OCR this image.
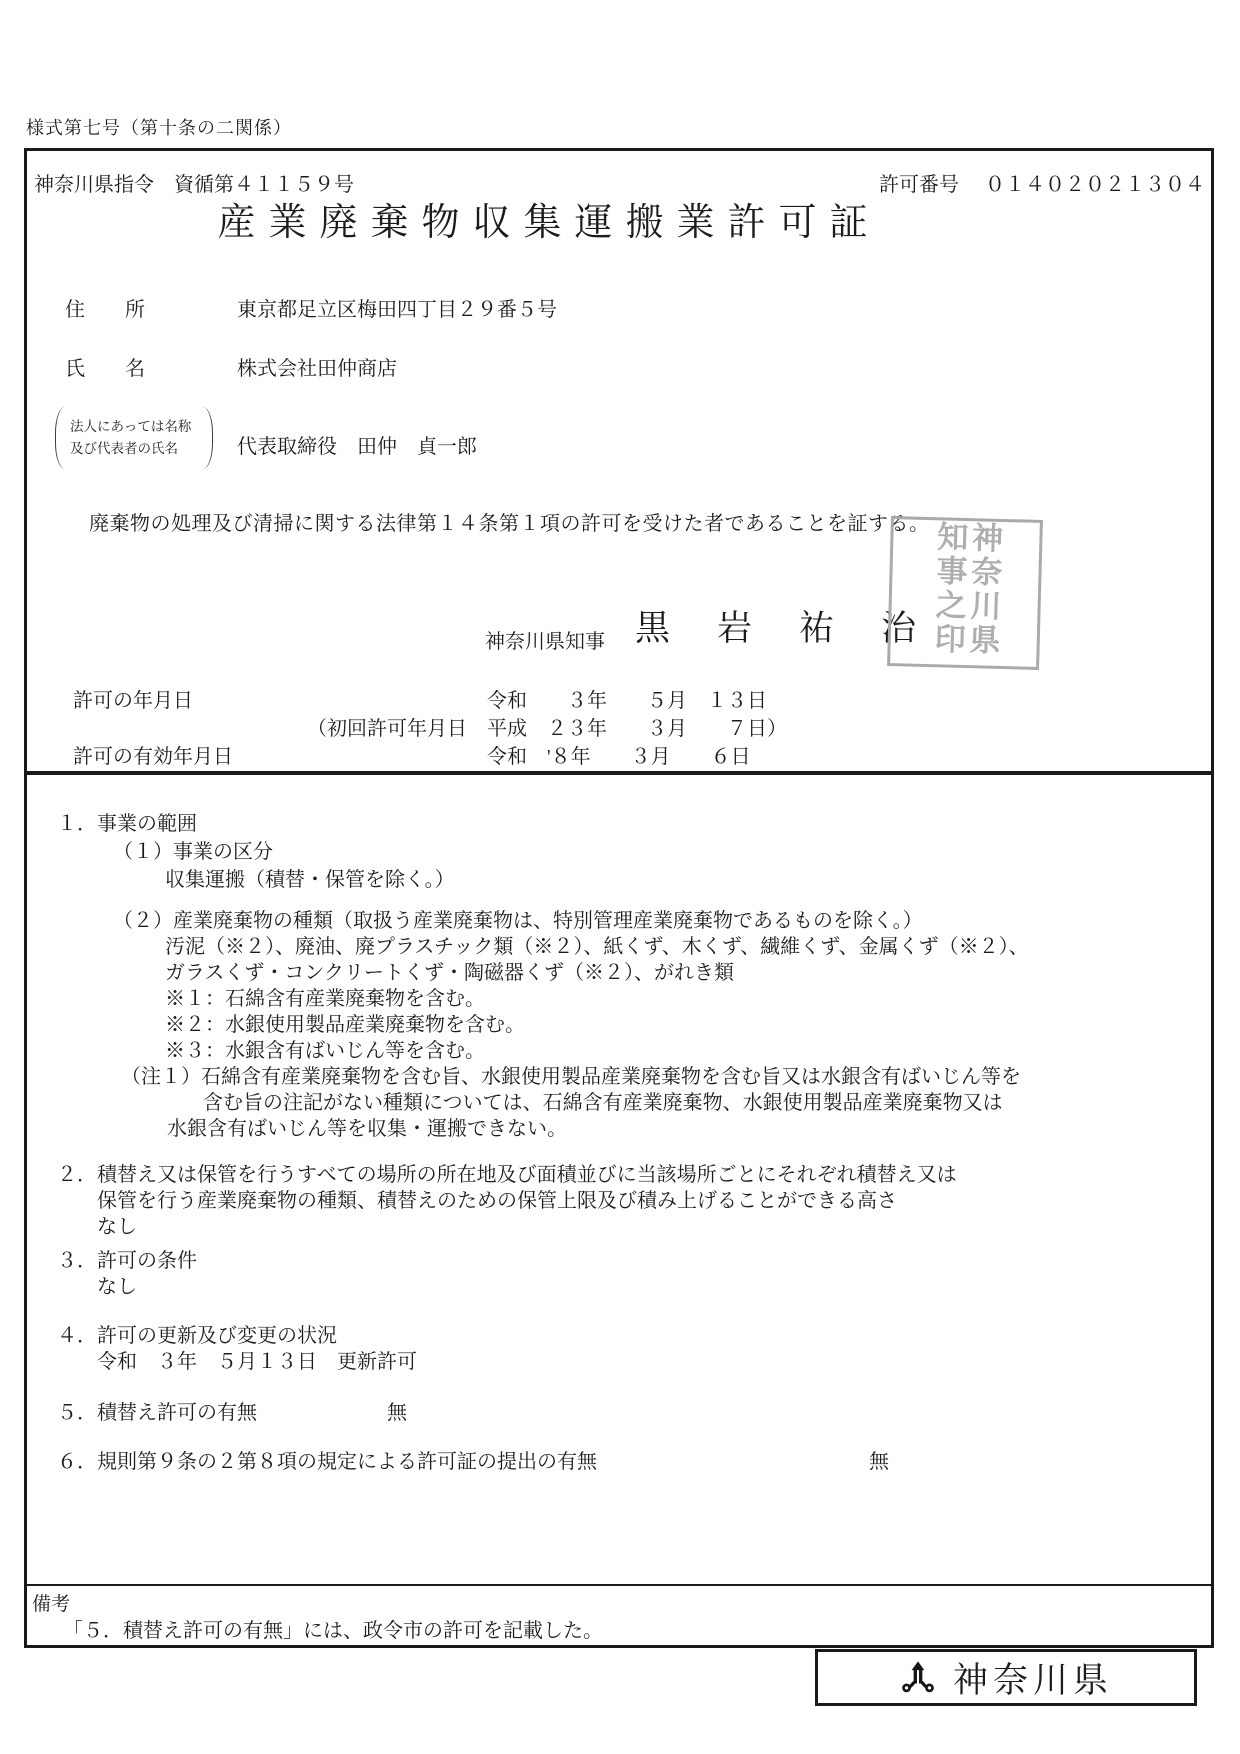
様式第七号（第十条の二関係）
神奈川県指令　資循第４１１５９号	許可番号 ０１４０２０２１３０４
産業廃棄物収集運搬業許可証
住　　所	東京都足立区梅田四丁目２９番５号
氏　　名	株式会社田仲商店
法人にあっては名称
及び代表者の氏名	代表取締役　田仲　貞一郎
廃棄物の処理及び清掃に関する法律第１４条第１項の許可を受けた者であることを証する。
神奈川県知事 黒　岩　祐　治	神奈川県知事之印
許可の年月日	令和　　３年　　５月　１３日
（初回許可年月日　平成　２３年　　３月　　７日）
許可の有効年月日	令和　'８年　　３月　　６日
１．事業の範囲
（１）事業の区分
収集運搬（積替・保管を除く。）
（２）産業廃棄物の種類（取扱う産業廃棄物は、特別管理産業廃棄物であるものを除く。）
汚泥（※２）、廃油、廃プラスチック類（※２）、紙くず、木くず、繊維くず、金属くず（※２）、
ガラスくず・コンクリートくず・陶磁器くず（※２）、がれき類
※１：石綿含有産業廃棄物を含む。
※２：水銀使用製品産業廃棄物を含む。
※３：水銀含有ばいじん等を含む。
（注１）石綿含有産業廃棄物を含む旨、水銀使用製品産業廃棄物を含む旨又は水銀含有ばいじん等を
含む旨の注記がない種類については、石綿含有産業廃棄物、水銀使用製品産業廃棄物又は
水銀含有ばいじん等を収集・運搬できない。
２．積替え又は保管を行うすべての場所の所在地及び面積並びに当該場所ごとにそれぞれ積替え又は
保管を行う産業廃棄物の種類、積替えのための保管上限及び積み上げることができる高さ
なし
３．許可の条件
なし
４．許可の更新及び変更の状況
令和　３年　５月１３日　更新許可
５．積替え許可の有無	無
６．規則第９条の２第８項の規定による許可証の提出の有無	無
備考
「５．積替え許可の有無」には、政令市の許可を記載した。
神奈川県
